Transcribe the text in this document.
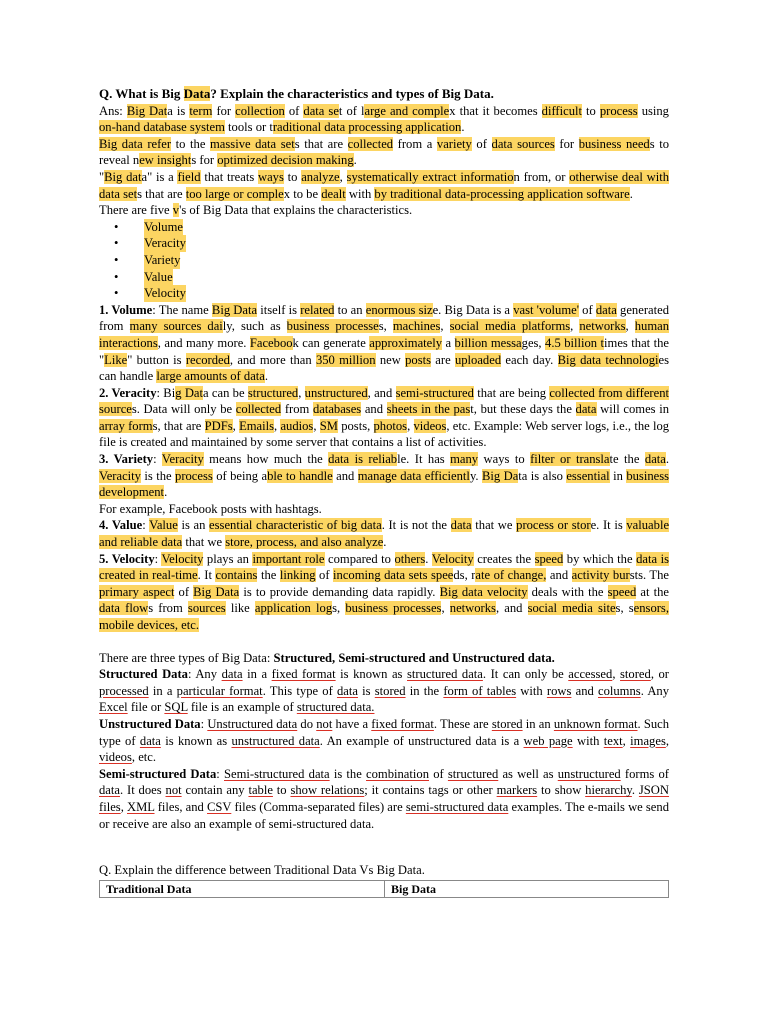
Q. What is Big Data? Explain the characteristics and types of Big Data.

Ans: Big Data is term for collection of data set of large and complex that it becomes difficult to process using on-hand database system tools or traditional data processing application.

Big data refer to the massive data sets that are collected from a variety of data sources for business needs to reveal new insights for optimized decision making.

"Big data" is a field that treats ways to analyze, systematically extract information from, or otherwise deal with data sets that are too large or complex to be dealt with by traditional data-processing application software.

There are five v's of Big Data that explains the characteristics.

•	Volume
•	Veracity
•	Variety
•	Value
•	Velocity

1. Volume: The name Big Data itself is related to an enormous size. Big Data is a vast 'volume' of data generated from many sources daily, such as business processes, machines, social media platforms, networks, human interactions, and many more. Facebook can generate approximately a billion messages, 4.5 billion times that the "Like" button is recorded, and more than 350 million new posts are uploaded each day. Big data technologies can handle large amounts of data.

2. Veracity: Big Data can be structured, unstructured, and semi-structured that are being collected from different sources. Data will only be collected from databases and sheets in the past, but these days the data will comes in array forms, that are PDFs, Emails, audios, SM posts, photos, videos, etc. Example: Web server logs, i.e., the log file is created and maintained by some server that contains a list of activities.

3. Variety: Veracity means how much the data is reliable. It has many ways to filter or translate the data. Veracity is the process of being able to handle and manage data efficiently. Big Data is also essential in business development.

For example, Facebook posts with hashtags.

4. Value: Value is an essential characteristic of big data. It is not the data that we process or store. It is valuable and reliable data that we store, process, and also analyze.

5. Velocity: Velocity plays an important role compared to others. Velocity creates the speed by which the data is created in real-time. It contains the linking of incoming data sets speeds, rate of change, and activity bursts. The primary aspect of Big Data is to provide demanding data rapidly. Big data velocity deals with the speed at the data flows from sources like application logs, business processes, networks, and social media sites, sensors, mobile devices, etc.

There are three types of Big Data: Structured, Semi-structured and Unstructured data.

Structured Data: Any data in a fixed format is known as structured data. It can only be accessed, stored, or processed in a particular format. This type of data is stored in the form of tables with rows and columns. Any Excel file or SQL file is an example of structured data.

Unstructured Data: Unstructured data do not have a fixed format. These are stored in an unknown format. Such type of data is known as unstructured data. An example of unstructured data is a web page with text, images, videos, etc.

Semi-structured Data: Semi-structured data is the combination of structured as well as unstructured forms of data. It does not contain any table to show relations; it contains tags or other markers to show hierarchy. JSON files, XML files, and CSV files (Comma-separated files) are semi-structured data examples. The e-mails we send or receive are also an example of semi-structured data.

Q. Explain the difference between Traditional Data Vs Big Data.

Traditional Data	Big Data
